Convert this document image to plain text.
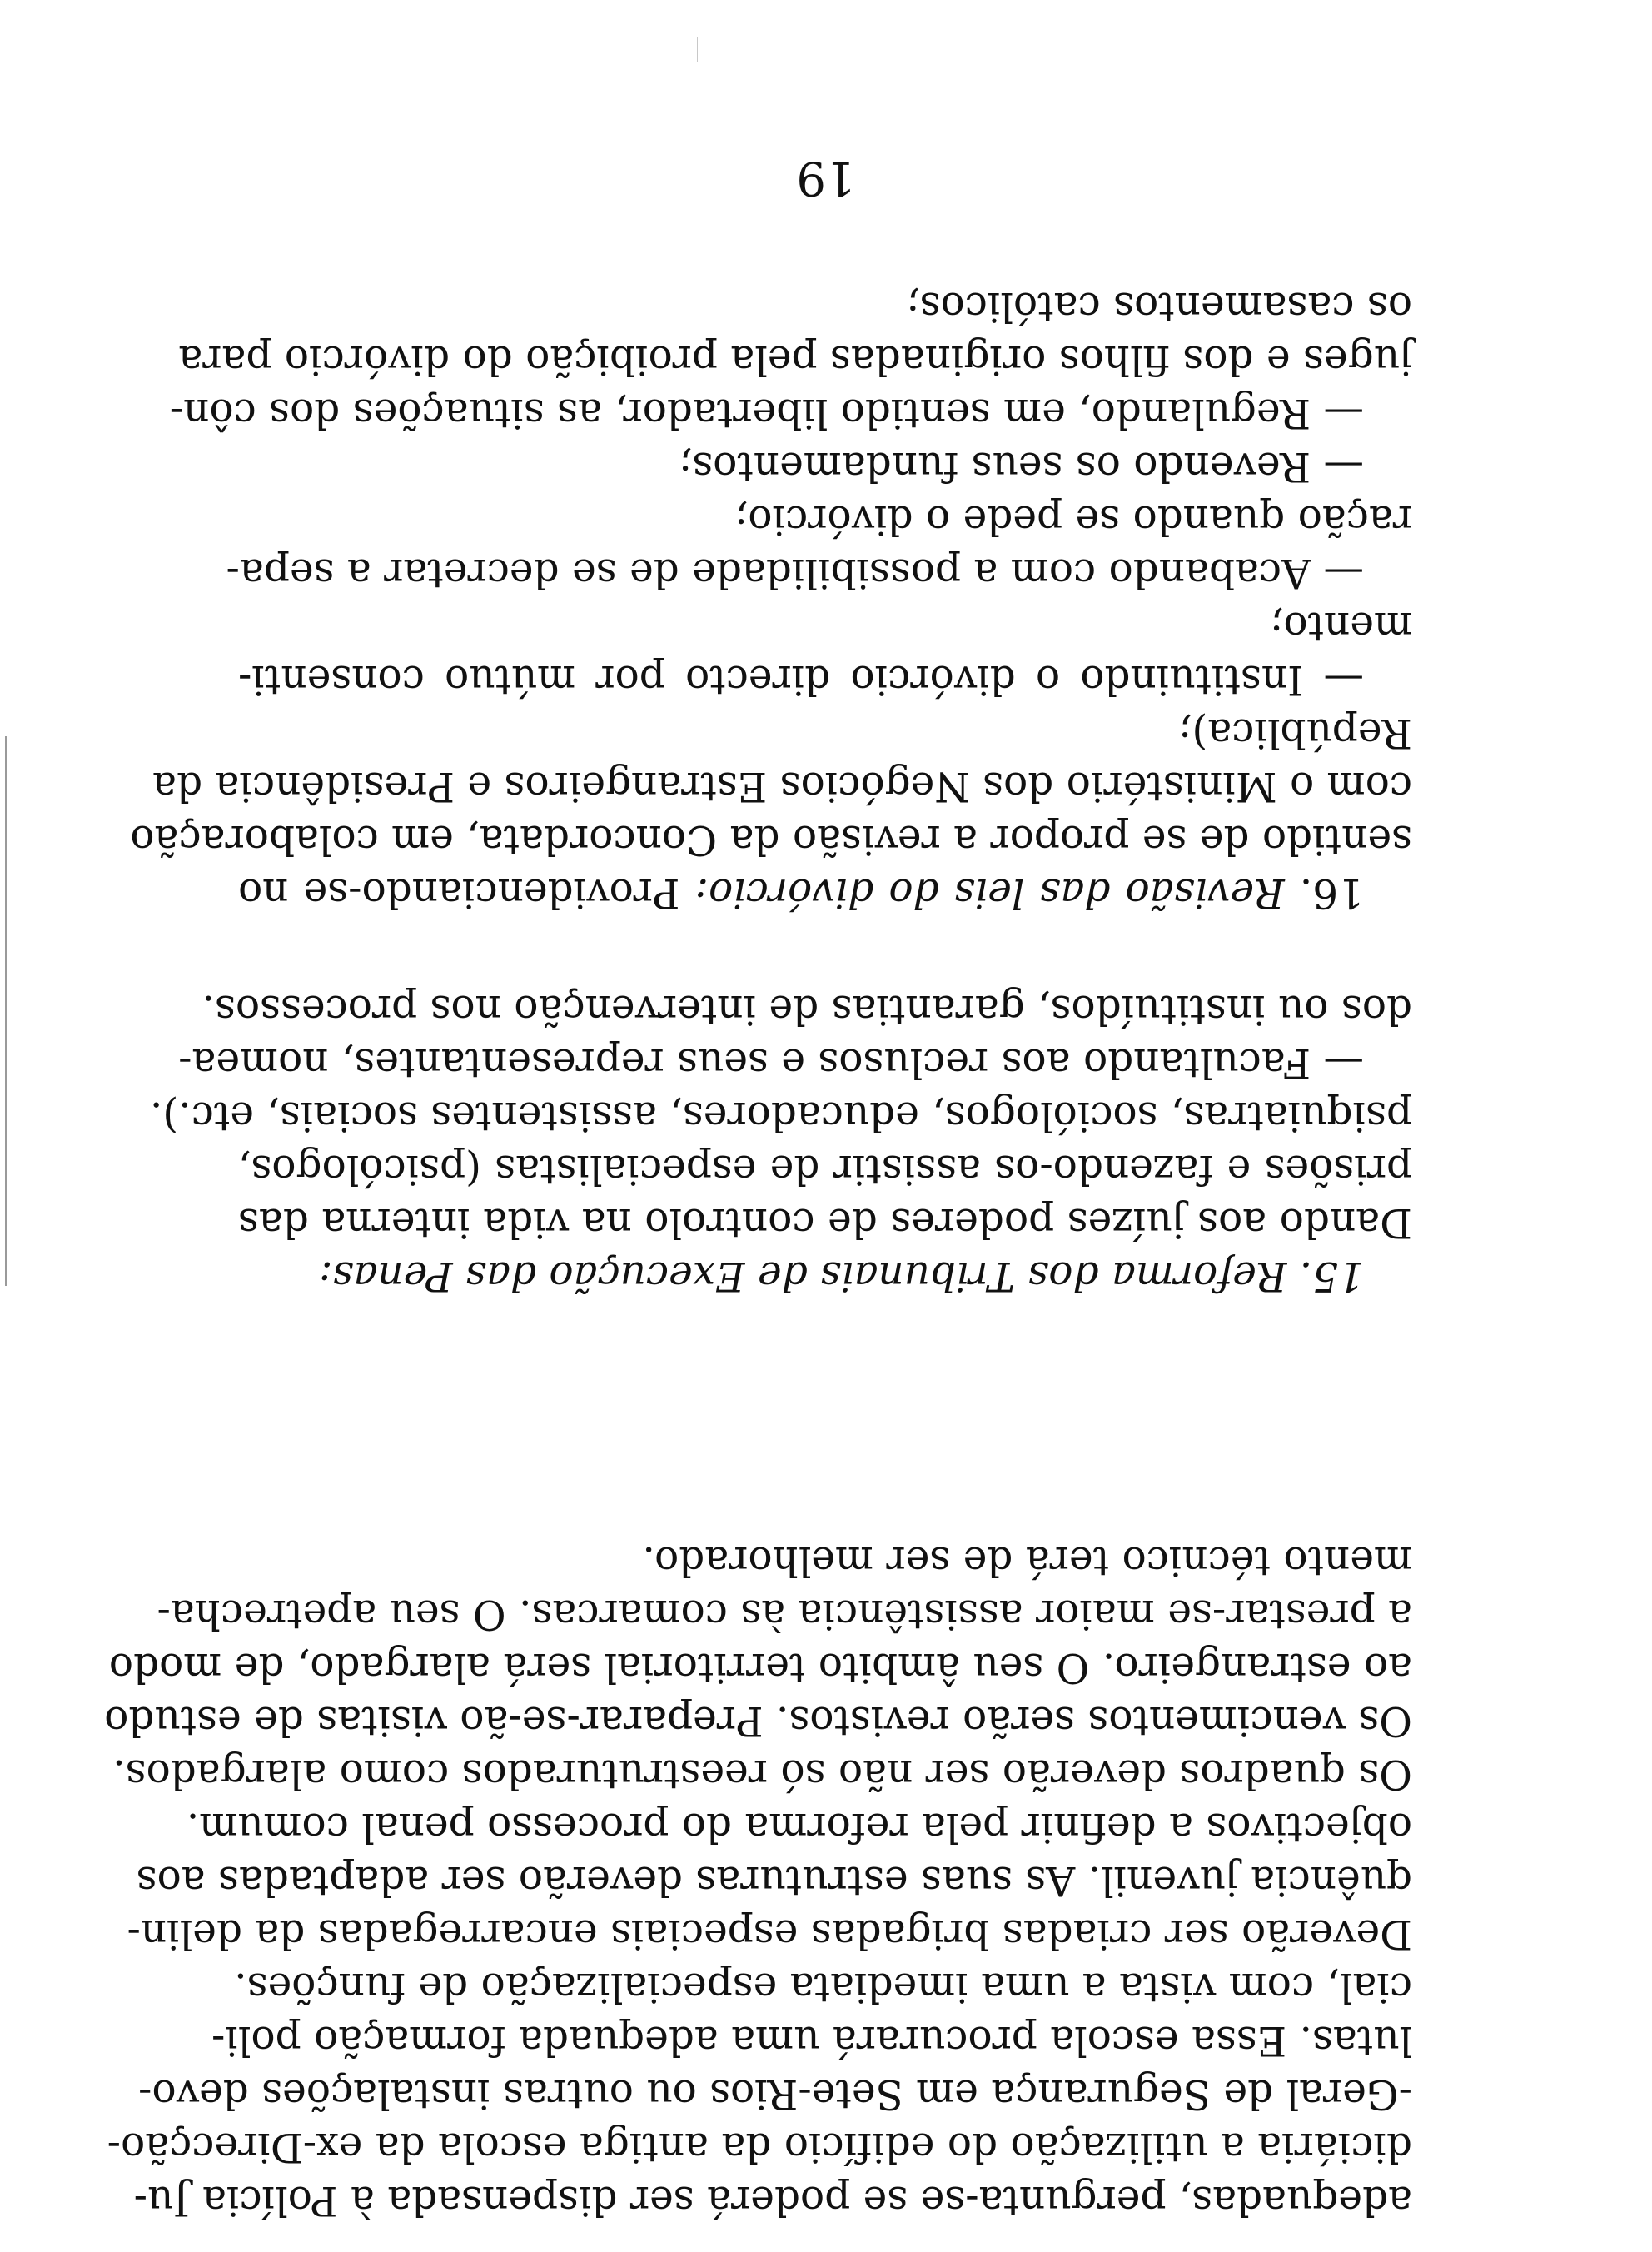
adequadas, pergunta-se se poderá ser dispensada à Polícia Ju-
diciária a utilização do edifício da antiga escola da ex-Direcção-
-Geral de Segurança em Sete-Rios ou outras instalações devo-
lutas. Essa escola procurará uma adequada formação poli-
cial, com vista a uma imediata especialização de funções.
Deverão ser criadas brigadas especiais encarregadas da delin-
quência juvenil. As suas estruturas deverão ser adaptadas aos
objectivos a definir pela reforma do processo penal comum.
Os quadros deverão ser não só reestruturados como alargados.
Os vencimentos serão revistos. Preparar-se-ão visitas de estudo
ao estrangeiro. O seu âmbito territorial será alargado, de modo
a prestar-se maior assistência às comarcas. O seu apetrecha-
mento técnico terá de ser melhorado.
15. Reforma dos Tribunais de Execução das Penas:
Dando aos juízes poderes de controlo na vida interna das
prisões e fazendo-os assistir de especialistas (psicólogos,
psiquiatras, sociólogos, educadores, assistentes sociais, etc.).
— Facultando aos reclusos e seus representantes, nomea-
dos ou instituídos, garantias de intervenção nos processos.
16. Revisão das leis do divórcio: Providenciando-se no
sentido de se propor a revisão da Concordata, em colaboração
com o Ministério dos Negócios Estrangeiros e Presidência da
República);
— Instituindo o divórcio directo por mútuo consenti-
mento;
— Acabando com a possibilidade de se decretar a sepa-
ração quando se pede o divórcio;
— Revendo os seus fundamentos;
— Regulando, em sentido libertador, as situações dos côn-
juges e dos filhos originadas pela proibição do divórcio para
os casamentos católicos;
19
